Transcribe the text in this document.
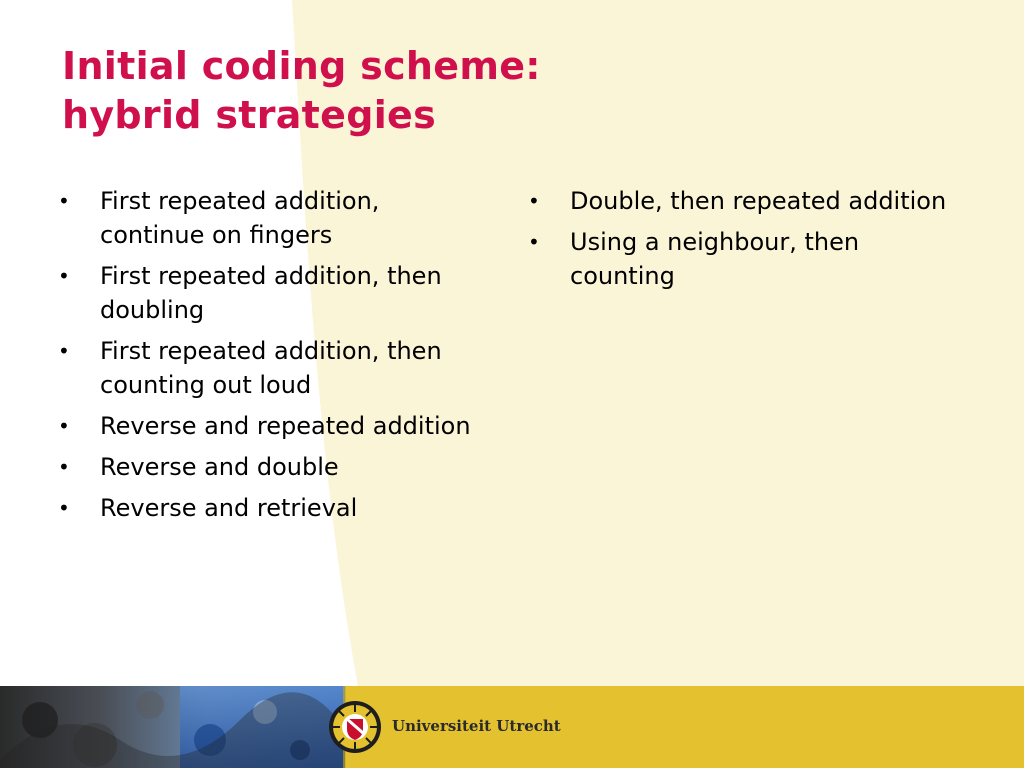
Initial coding scheme:
hybrid strategies
• First repeated addition, continue on fingers
• First repeated addition, then doubling
• First repeated addition, then counting out loud
• Reverse and repeated addition
• Reverse and double
• Reverse and retrieval
• Double, then repeated addition
• Using a neighbour, then counting
Universiteit Utrecht
